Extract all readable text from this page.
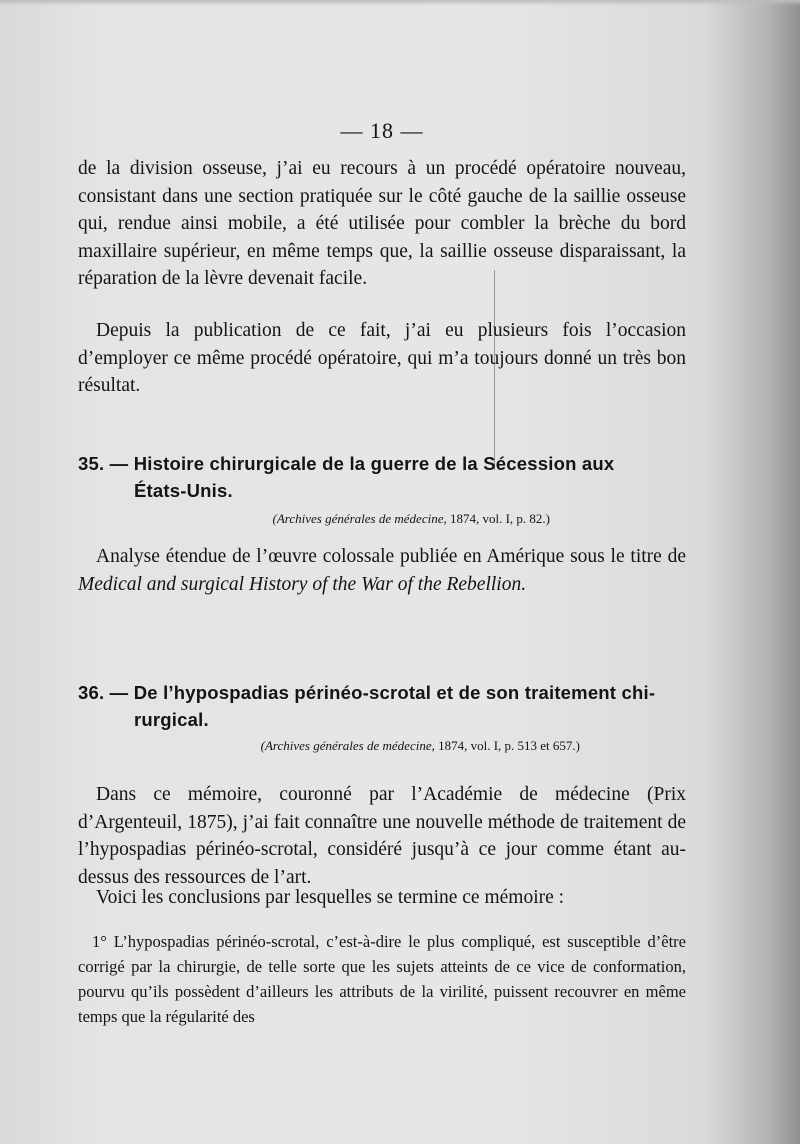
— 18 —

de la division osseuse, j’ai eu recours à un procédé opératoire nouveau, consistant dans une section pratiquée sur le côté gauche de la saillie osseuse qui, rendue ainsi mobile, a été utilisée pour combler la brèche du bord maxillaire supérieur, en même temps que, la saillie osseuse disparaissant, la réparation de la lèvre devenait facile.

Depuis la publication de ce fait, j’ai eu plusieurs fois l’occasion d’employer ce même procédé opératoire, qui m’a toujours donné un très bon résultat.

35. — Histoire chirurgicale de la guerre de la Sécession aux
États-Unis.

(Archives générales de médecine, 1874, vol. I, p. 82.)

Analyse étendue de l’œuvre colossale publiée en Amérique sous le titre de Medical and surgical History of the War of the Rebellion.

36. — De l’hypospadias périnéo-scrotal et de son traitement chi-
rurgical.

(Archives générales de médecine, 1874, vol. I, p. 513 et 657.)

Dans ce mémoire, couronné par l’Académie de médecine (Prix d’Argenteuil, 1875), j’ai fait connaître une nouvelle méthode de traitement de l’hypospadias périnéo-scrotal, considéré jusqu’à ce jour comme étant au-dessus des ressources de l’art.

Voici les conclusions par lesquelles se termine ce mémoire :

1° L’hypospadias périnéo-scrotal, c’est-à-dire le plus compliqué, est susceptible d’être corrigé par la chirurgie, de telle sorte que les sujets atteints de ce vice de conformation, pourvu qu’ils possèdent d’ailleurs les attributs de la virilité, puissent recouvrer en même temps que la régularité des
